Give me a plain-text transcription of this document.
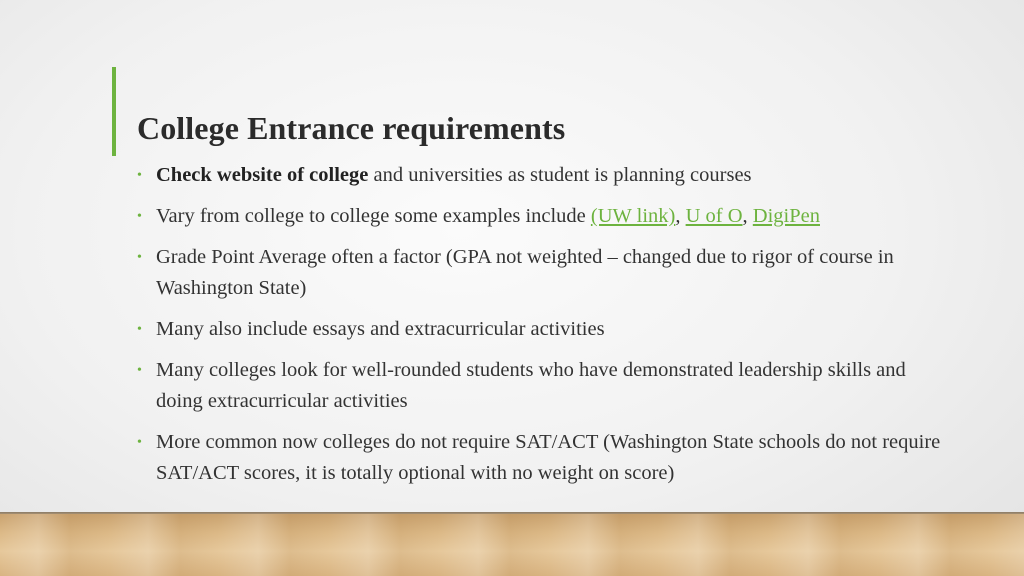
College Entrance requirements
• Check website of college and universities as student is planning courses
• Vary from college to college some examples include (UW link), U of O, DigiPen
• Grade Point Average often a factor (GPA not weighted – changed due to rigor of course in Washington State)
• Many also include essays and extracurricular activities
• Many colleges look for well-rounded students who have demonstrated leadership skills and doing extracurricular activities
• More common now colleges do not require SAT/ACT (Washington State schools do not require SAT/ACT scores, it is totally optional with no weight on score)
